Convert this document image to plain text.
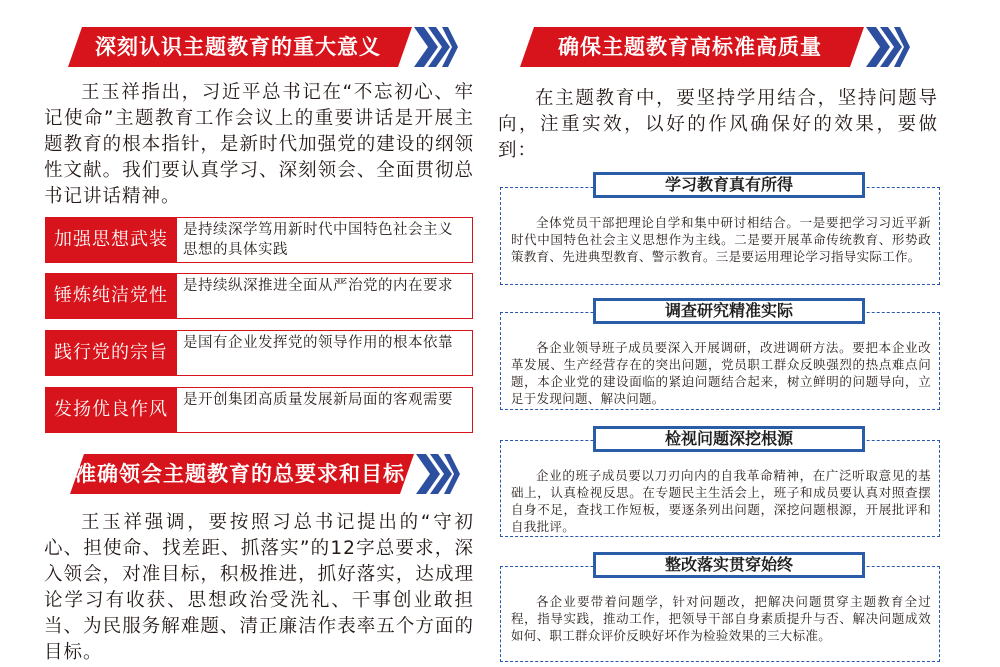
深刻认识主题教育的重大意义

王玉祥指出，习近平总书记在“不忘初心、牢记使命”主题教育工作会议上的重要讲话是开展主题教育的根本指针，是新时代加强党的建设的纲领性文献。我们要认真学习、深刻领会、全面贯彻总书记讲话精神。

加强思想武装	是持续深学笃用新时代中国特色社会主义思想的具体实践
锤炼纯洁党性	是持续纵深推进全面从严治党的内在要求
践行党的宗旨	是国有企业发挥党的领导作用的根本依靠
发扬优良作风	是开创集团高质量发展新局面的客观需要
准确领会主题教育的总要求和目标

王玉祥强调，要按照习总书记提出的“守初心、担使命、找差距、抓落实”的12字总要求，深入领会，对准目标，积极推进，抓好落实，达成理论学习有收获、思想政治受洗礼、干事创业敢担当、为民服务解难题、清正廉洁作表率五个方面的目标。

确保主题教育高标准高质量

在主题教育中，要坚持学用结合，坚持问题导向，注重实效，以好的作风确保好的效果，要做到：

全体党员干部把理论自学和集中研讨相结合。一是要把学习习近平新时代中国特色社会主义思想作为主线。二是要开展革命传统教育、形势政策教育、先进典型教育、警示教育。三是要运用理论学习指导实际工作。

学习教育真有所得

各企业领导班子成员要深入开展调研，改进调研方法。要把本企业改革发展、生产经营存在的突出问题，党员职工群众反映强烈的热点难点问题，本企业党的建设面临的紧迫问题结合起来，树立鲜明的问题导向，立足于发现问题、解决问题。

调查研究精准实际

企业的班子成员要以刀刃向内的自我革命精神，在广泛听取意见的基础上，认真检视反思。在专题民主生活会上，班子和成员要认真对照查摆自身不足，查找工作短板，要逐条列出问题，深挖问题根源，开展批评和自我批评。

检视问题深挖根源

各企业要带着问题学，针对问题改，把解决问题贯穿主题教育全过程，指导实践，推动工作，把领导干部自身素质提升与否、解决问题成效如何、职工群众评价反映好坏作为检验效果的三大标准。

整改落实贯穿始终
